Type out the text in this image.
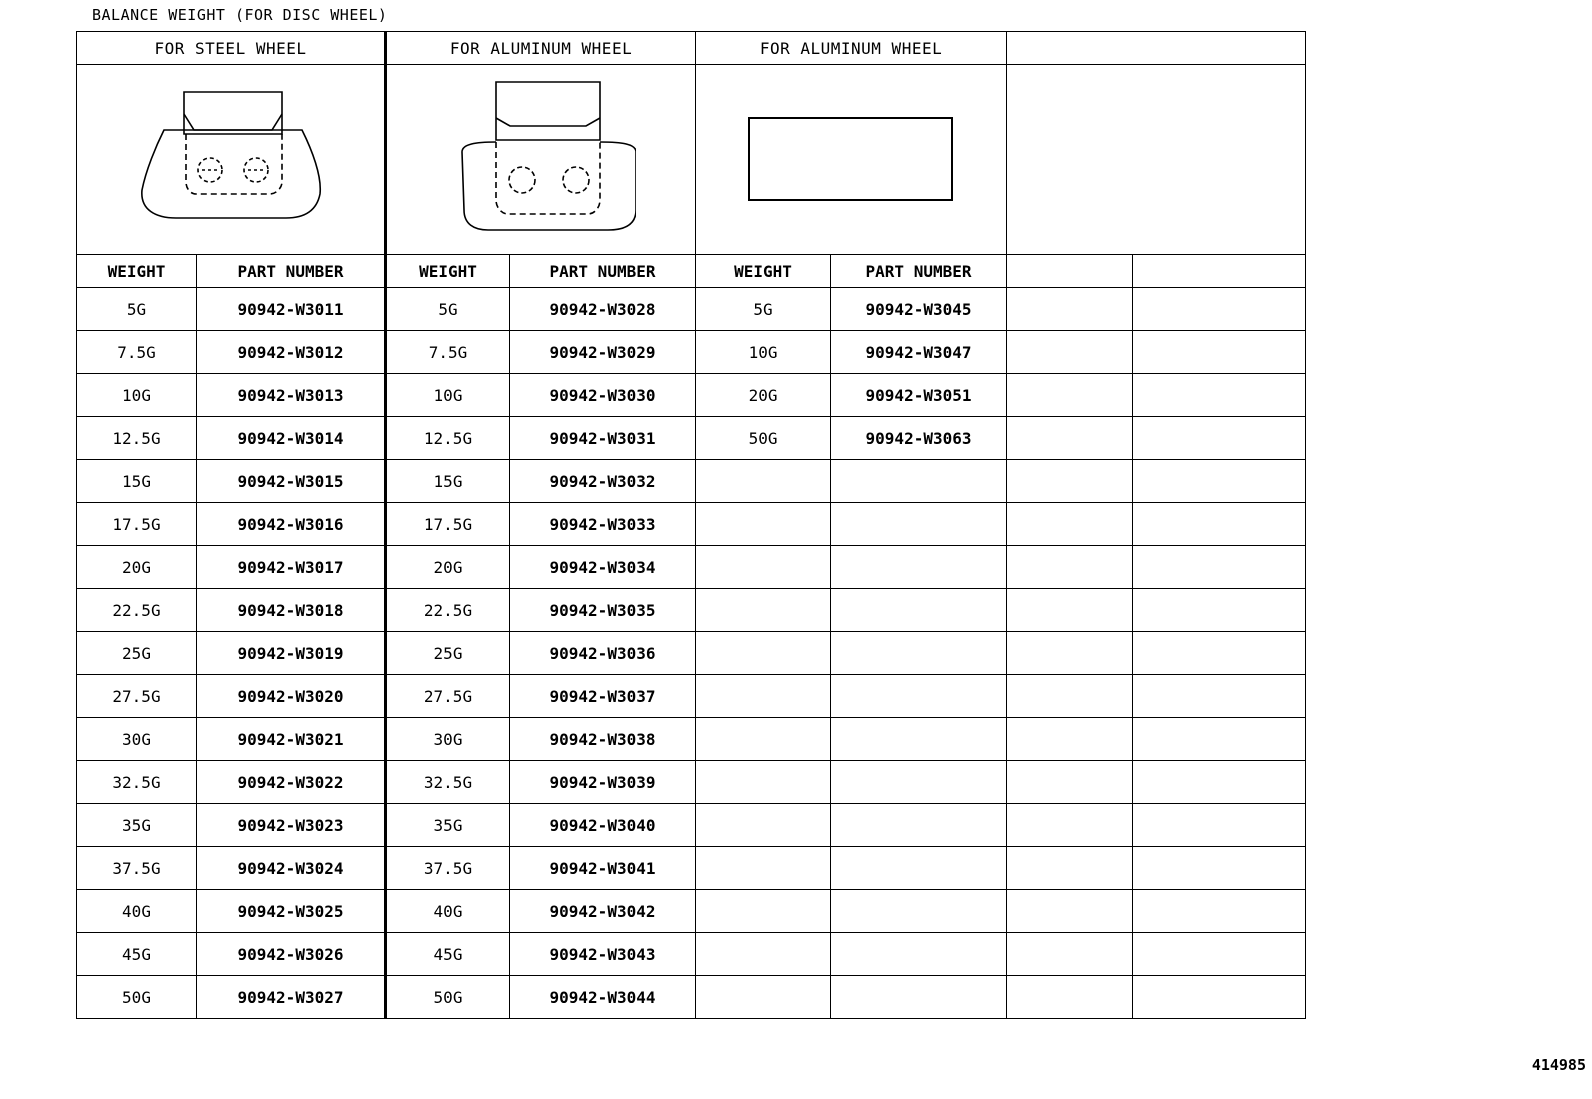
BALANCE WEIGHT (FOR DISC WHEEL)
FOR STEEL WHEEL		FOR ALUMINUM WHEEL		FOR ALUMINUM WHEEL			

WEIGHT	PART NUMBER	WEIGHT	PART NUMBER	WEIGHT	PART NUMBER		
5G	90942-W3011	5G	90942-W3028	5G	90942-W3045		
7.5G	90942-W3012	7.5G	90942-W3029	10G	90942-W3047		
10G	90942-W3013	10G	90942-W3030	20G	90942-W3051		
12.5G	90942-W3014	12.5G	90942-W3031	50G	90942-W3063		
15G	90942-W3015	15G	90942-W3032				
17.5G	90942-W3016	17.5G	90942-W3033				
20G	90942-W3017	20G	90942-W3034				
22.5G	90942-W3018	22.5G	90942-W3035				
25G	90942-W3019	25G	90942-W3036				
27.5G	90942-W3020	27.5G	90942-W3037				
30G	90942-W3021	30G	90942-W3038				
32.5G	90942-W3022	32.5G	90942-W3039				
35G	90942-W3023	35G	90942-W3040				
37.5G	90942-W3024	37.5G	90942-W3041				
40G	90942-W3025	40G	90942-W3042				
45G	90942-W3026	45G	90942-W3043				
50G	90942-W3027	50G	90942-W3044				
414985
